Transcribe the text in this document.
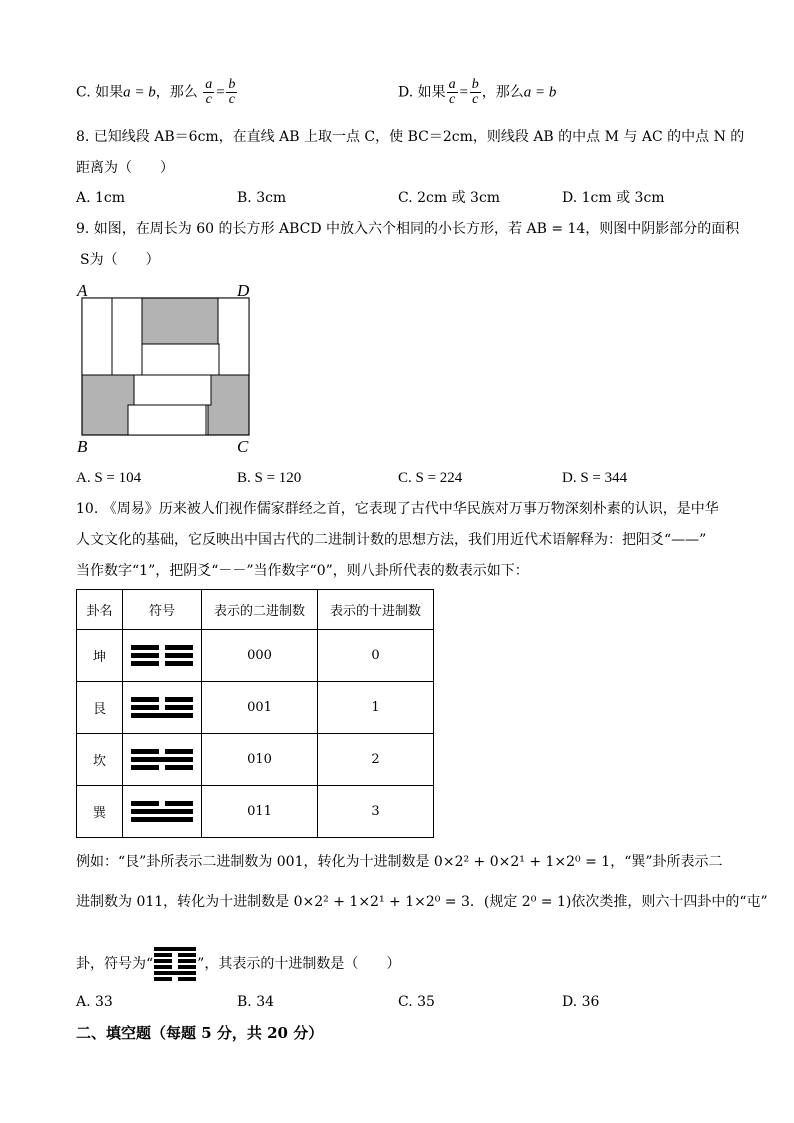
C. 如果a = b，那么 $\frac{a}{c} = \frac{b}{c}$	D. 如果 $\frac{a}{c} = \frac{b}{c}$ ，那么a = b
8. 已知线段 AB＝6cm，在直线 AB 上取一点 C，使 BC＝2cm，则线段 AB 的中点 M 与 AC 的中点 N 的
距离为（　　）
A. 1cm	B. 3cm	C. 2cm 或 3cm	D. 1cm 或 3cm
9. 如图，在周长为 60 的长方形 ABCD 中放入六个相同的小长方形，若 AB = 14，则图中阴影部分的面积
S为（　　）
A	D
B	C
A. S = 104	B. S = 120	C. S = 224	D. S = 344
10. 《周易》历来被人们视作儒家群经之首，它表现了古代中华民族对万事万物深刻朴素的认识，是中华
人文文化的基础，它反映出中国古代的二进制计数的思想方法，我们用近代术语解释为：把阳爻“——”
当作数字“1”，把阴爻“－－”当作数字“0”，则八卦所代表的数表示如下：
卦名	符号	表示的二进制数	表示的十进制数
坤		000	0
艮		001	1
坎		010	2
巽		011	3
例如：“艮”卦所表示二进制数为 001，转化为十进制数是 0×2² + 0×2¹ + 1×2⁰ = 1，“巽”卦所表示二
进制数为 011，转化为十进制数是 0×2² + 1×2¹ + 1×2⁰ = 3．(规定 2⁰ = 1)依次类推，则六十四卦中的“屯”
卦，符号为“	”，其表示的十进制数是（　　）
A. 33	B. 34	C. 35	D. 36
二、填空题（每题 5 分，共 20 分）
